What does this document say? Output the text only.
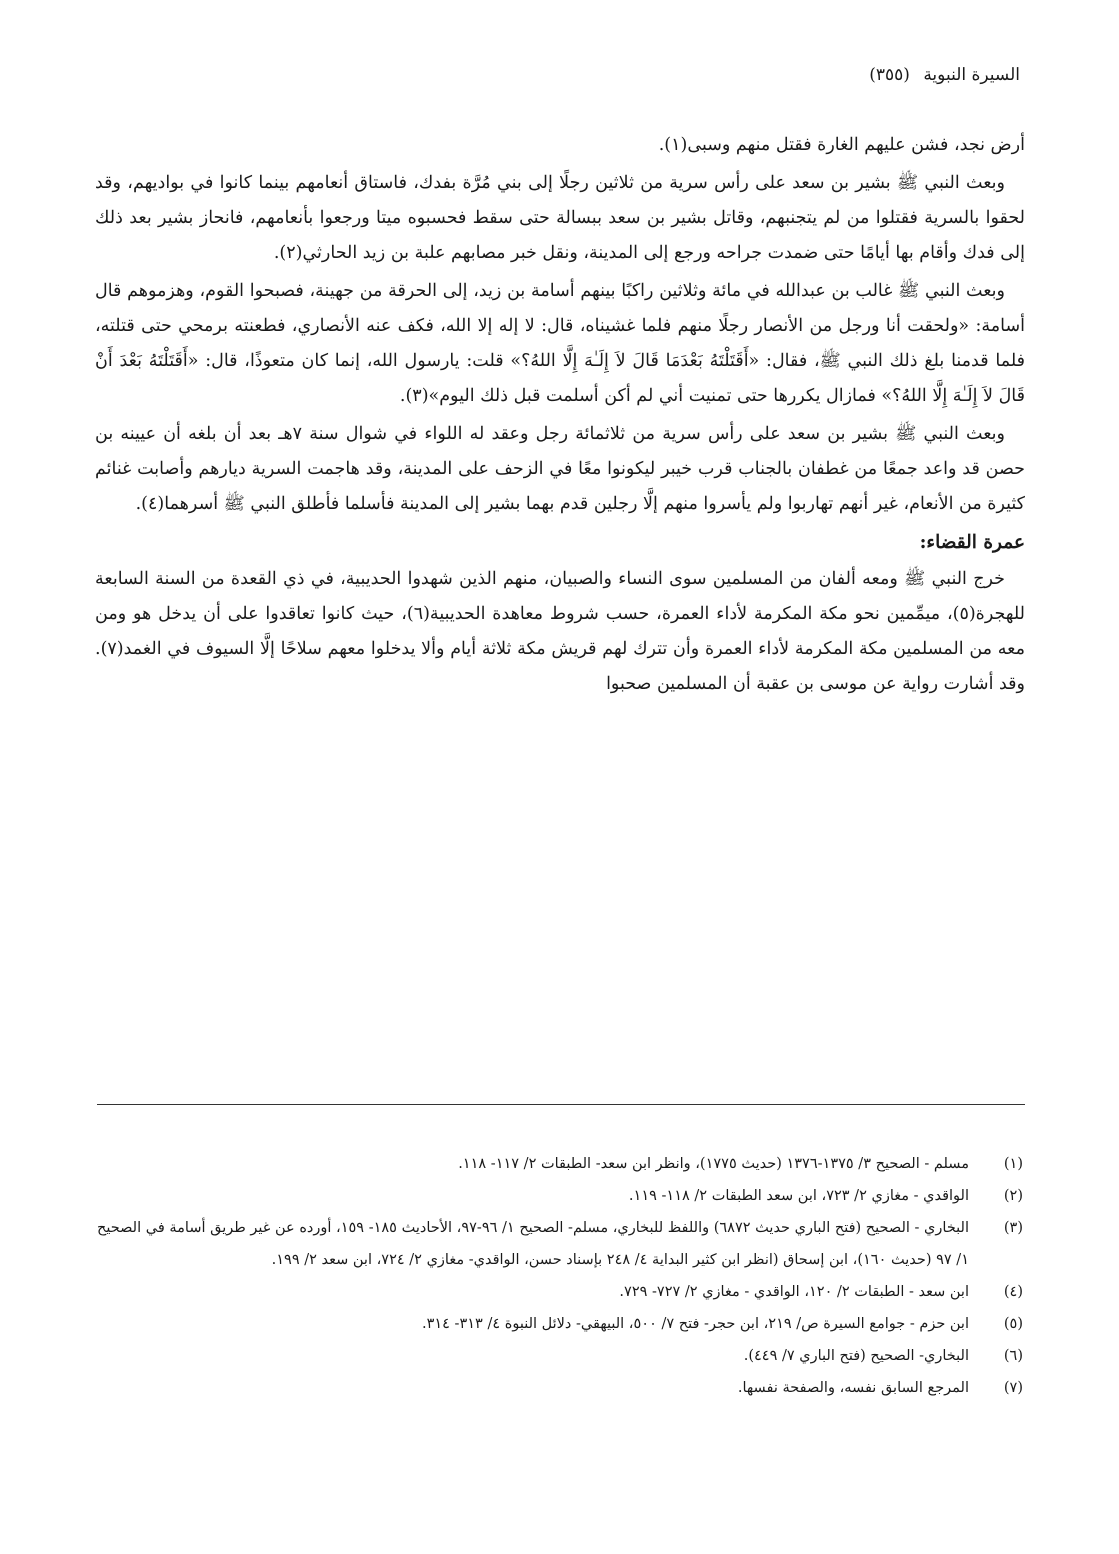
السيرة النبوية (٣٥٥)

أرض نجد، فشن عليهم الغارة فقتل منهم وسبى(١).

وبعث النبي ﷺ بشير بن سعد على رأس سرية من ثلاثين رجلًا إلى بني مُرَّة بفدك، فاستاق أنعامهم بينما كانوا في بواديهم، وقد لحقوا بالسرية فقتلوا من لم يتجنبهم، وقاتل بشير بن سعد ببسالة حتى سقط فحسبوه ميتا ورجعوا بأنعامهم، فانحاز بشير بعد ذلك إلى فدك وأقام بها أيامًا حتى ضمدت جراحه ورجع إلى المدينة، ونقل خبر مصابهم علبة بن زيد الحارثي(٢).

وبعث النبي ﷺ غالب بن عبدالله في مائة وثلاثين راكبًا بينهم أسامة بن زيد، إلى الحرقة من جهينة، فصبحوا القوم، وهزموهم قال أسامة: «ولحقت أنا ورجل من الأنصار رجلًا منهم فلما غشيناه، قال: لا إله إلا الله، فكف عنه الأنصاري، فطعنته برمحي حتى قتلته، فلما قدمنا بلغ ذلك النبي ﷺ، فقال: «أَقَتَلْتَهُ بَعْدَمَا قَالَ لاَ إِلَـٰهَ إِلَّا اللهُ؟» قلت: يارسول الله، إنما كان متعوذًا، قال: «أَقَتَلْتَهُ بَعْدَ أَنْ قَالَ لاَ إِلَـٰهَ إِلَّا اللهُ؟» فمازال يكررها حتى تمنيت أني لم أكن أسلمت قبل ذلك اليوم»(٣).

وبعث النبي ﷺ بشير بن سعد على رأس سرية من ثلاثمائة رجل وعقد له اللواء في شوال سنة ٧هـ بعد أن بلغه أن عيينه بن حصن قد واعد جمعًا من غطفان بالجناب قرب خيبر ليكونوا معًا في الزحف على المدينة، وقد هاجمت السرية ديارهم وأصابت غنائم كثيرة من الأنعام، غير أنهم تهاربوا ولم يأسروا منهم إلَّا رجلين قدم بهما بشير إلى المدينة فأسلما فأطلق النبي ﷺ أسرهما(٤).

عمرة القضاء:

خرج النبي ﷺ ومعه ألفان من المسلمين سوى النساء والصبيان، منهم الذين شهدوا الحديبية، في ذي القعدة من السنة السابعة للهجرة(٥)، ميمِّمين نحو مكة المكرمة لأداء العمرة، حسب شروط معاهدة الحديبية(٦)، حيث كانوا تعاقدوا على أن يدخل هو ومن معه من المسلمين مكة المكرمة لأداء العمرة وأن تترك لهم قريش مكة ثلاثة أيام وألا يدخلوا معهم سلاحًا إلَّا السيوف في الغمد(٧). وقد أشارت رواية عن موسى بن عقبة أن المسلمين صحبوا

(١)
مسلم - الصحيح ٣/ ١٣٧٥-١٣٧٦ (حديث ١٧٧٥)، وانظر ابن سعد- الطبقات ٢/ ١١٧- ١١٨.
(٢)
الواقدي - مغازي ٢/ ٧٢٣، ابن سعد الطبقات ٢/ ١١٨- ١١٩.
(٣)
البخاري - الصحيح (فتح الباري حديث ٦٨٧٢) واللفظ للبخاري، مسلم- الصحيح ١/ ٩٦-٩٧، الأحاديث ١٨٥- ١٥٩، أورده عن غير طريق أسامة في الصحيح ١/ ٩٧ (حديث ١٦٠)، ابن إسحاق (انظر ابن كثير البداية ٤/ ٢٤٨ بإسناد حسن، الواقدي- مغازي ٢/ ٧٢٤، ابن سعد ٢/ ١٩٩.
(٤)
ابن سعد - الطبقات ٢/ ١٢٠، الواقدي - مغازي ٢/ ٧٢٧- ٧٢٩.
(٥)
ابن حزم - جوامع السيرة ص/ ٢١٩، ابن حجر- فتح ٧/ ٥٠٠، البيهقي- دلائل النبوة ٤/ ٣١٣- ٣١٤.
(٦)
البخاري- الصحيح (فتح الباري ٧/ ٤٤٩).
(٧)
المرجع السابق نفسه، والصفحة نفسها.
